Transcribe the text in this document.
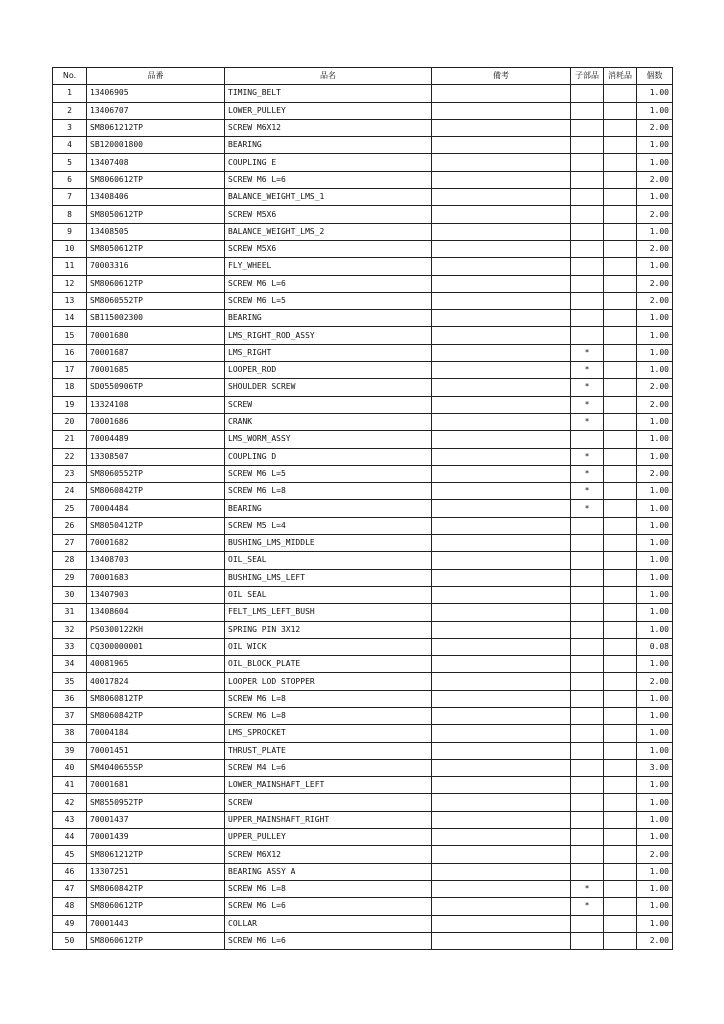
No.	品番	品名	備考	子部品	消耗品	個数
1	13406905	TIMING_BELT				1.00
2	13406707	LOWER_PULLEY				1.00
3	SM8061212TP	SCREW M6X12				2.00
4	SB120001800	BEARING				1.00
5	13407408	COUPLING E				1.00
6	SM8060612TP	SCREW M6 L=6				2.00
7	13408406	BALANCE_WEIGHT_LMS_1				1.00
8	SM8050612TP	SCREW M5X6				2.00
9	13408505	BALANCE_WEIGHT_LMS_2				1.00
10	SM8050612TP	SCREW M5X6				2.00
11	70003316	FLY_WHEEL				1.00
12	SM8060612TP	SCREW M6 L=6				2.00
13	SM8060552TP	SCREW M6 L=5				2.00
14	SB115002300	BEARING				1.00
15	70001680	LMS_RIGHT_ROD_ASSY				1.00
16	70001687	LMS_RIGHT		*		1.00
17	70001685	LOOPER_ROD		*		1.00
18	SD0550906TP	SHOULDER SCREW		*		2.00
19	13324108	SCREW		*		2.00
20	70001686	CRANK		*		1.00
21	70004489	LMS_WORM_ASSY				1.00
22	13308507	COUPLING D		*		1.00
23	SM8060552TP	SCREW M6 L=5		*		2.00
24	SM8060842TP	SCREW M6 L=8		*		1.00
25	70004484	BEARING		*		1.00
26	SM8050412TP	SCREW M5 L=4				1.00
27	70001682	BUSHING_LMS_MIDDLE				1.00
28	13408703	OIL_SEAL				1.00
29	70001683	BUSHING_LMS_LEFT				1.00
30	13407903	OIL SEAL				1.00
31	13408604	FELT_LMS_LEFT_BUSH				1.00
32	PS0300122KH	SPRING PIN 3X12				1.00
33	CQ300000001	OIL WICK				0.08
34	40081965	OIL_BLOCK_PLATE				1.00
35	40017824	LOOPER LOD STOPPER				2.00
36	SM8060812TP	SCREW M6 L=8				1.00
37	SM8060842TP	SCREW M6 L=8				1.00
38	70004184	LMS_SPROCKET				1.00
39	70001451	THRUST_PLATE				1.00
40	SM4040655SP	SCREW M4 L=6				3.00
41	70001681	LOWER_MAINSHAFT_LEFT				1.00
42	SM8550952TP	SCREW				1.00
43	70001437	UPPER_MAINSHAFT_RIGHT				1.00
44	70001439	UPPER_PULLEY				1.00
45	SM8061212TP	SCREW M6X12				2.00
46	13307251	BEARING ASSY A				1.00
47	SM8060842TP	SCREW M6 L=8		*		1.00
48	SM8060612TP	SCREW M6 L=6		*		1.00
49	70001443	COLLAR				1.00
50	SM8060612TP	SCREW M6 L=6				2.00
